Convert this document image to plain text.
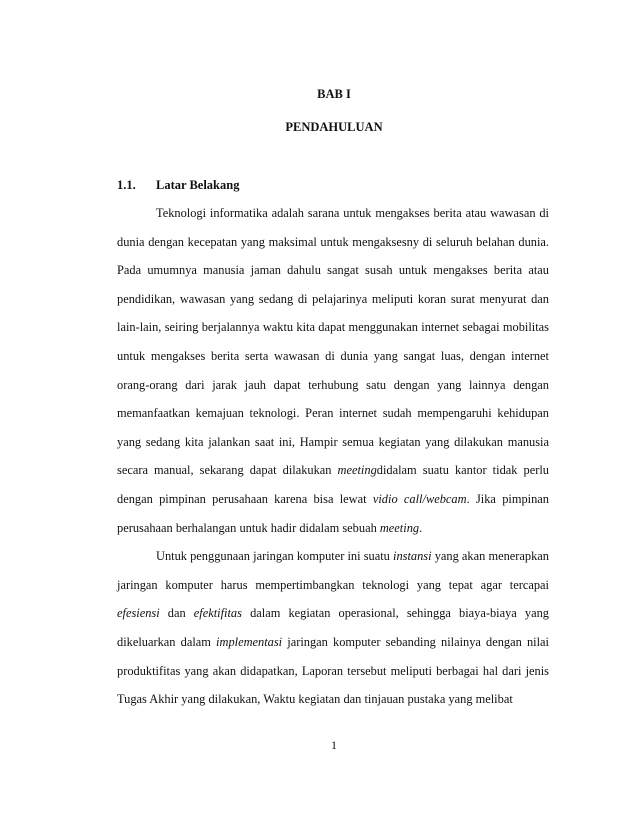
BAB I
PENDAHULUAN
1.1. Latar Belakang

Teknologi informatika adalah sarana untuk mengakses berita atau wawasan di dunia dengan kecepatan yang maksimal untuk mengaksesny di seluruh belahan dunia. Pada umumnya manusia jaman dahulu sangat susah untuk mengakses berita atau pendidikan, wawasan yang sedang di pelajarinya meliputi koran surat menyurat dan lain-lain, seiring berjalannya waktu kita dapat menggunakan internet sebagai mobilitas untuk mengakses berita serta wawasan di dunia yang sangat luas, dengan internet orang-orang dari jarak jauh dapat terhubung satu dengan yang lainnya dengan memanfaatkan kemajuan teknologi. Peran internet sudah mempengaruhi kehidupan yang sedang kita jalankan saat ini, Hampir semua kegiatan yang dilakukan manusia secara manual, sekarang dapat dilakukan meetingdidalam suatu kantor tidak perlu dengan pimpinan perusahaan karena bisa lewat vidio call/webcam. Jika pimpinan perusahaan berhalangan untuk hadir didalam sebuah meeting.

Untuk penggunaan jaringan komputer ini suatu instansi yang akan menerapkan jaringan komputer harus mempertimbangkan teknologi yang tepat agar tercapai efesiensi dan efektifitas dalam kegiatan operasional, sehingga biaya-biaya yang dikeluarkan dalam implementasi jaringan komputer sebanding nilainya dengan nilai produktifitas yang akan didapatkan, Laporan tersebut meliputi berbagai hal dari jenis Tugas Akhir yang dilakukan, Waktu kegiatan dan tinjauan pustaka yang melibat

1
